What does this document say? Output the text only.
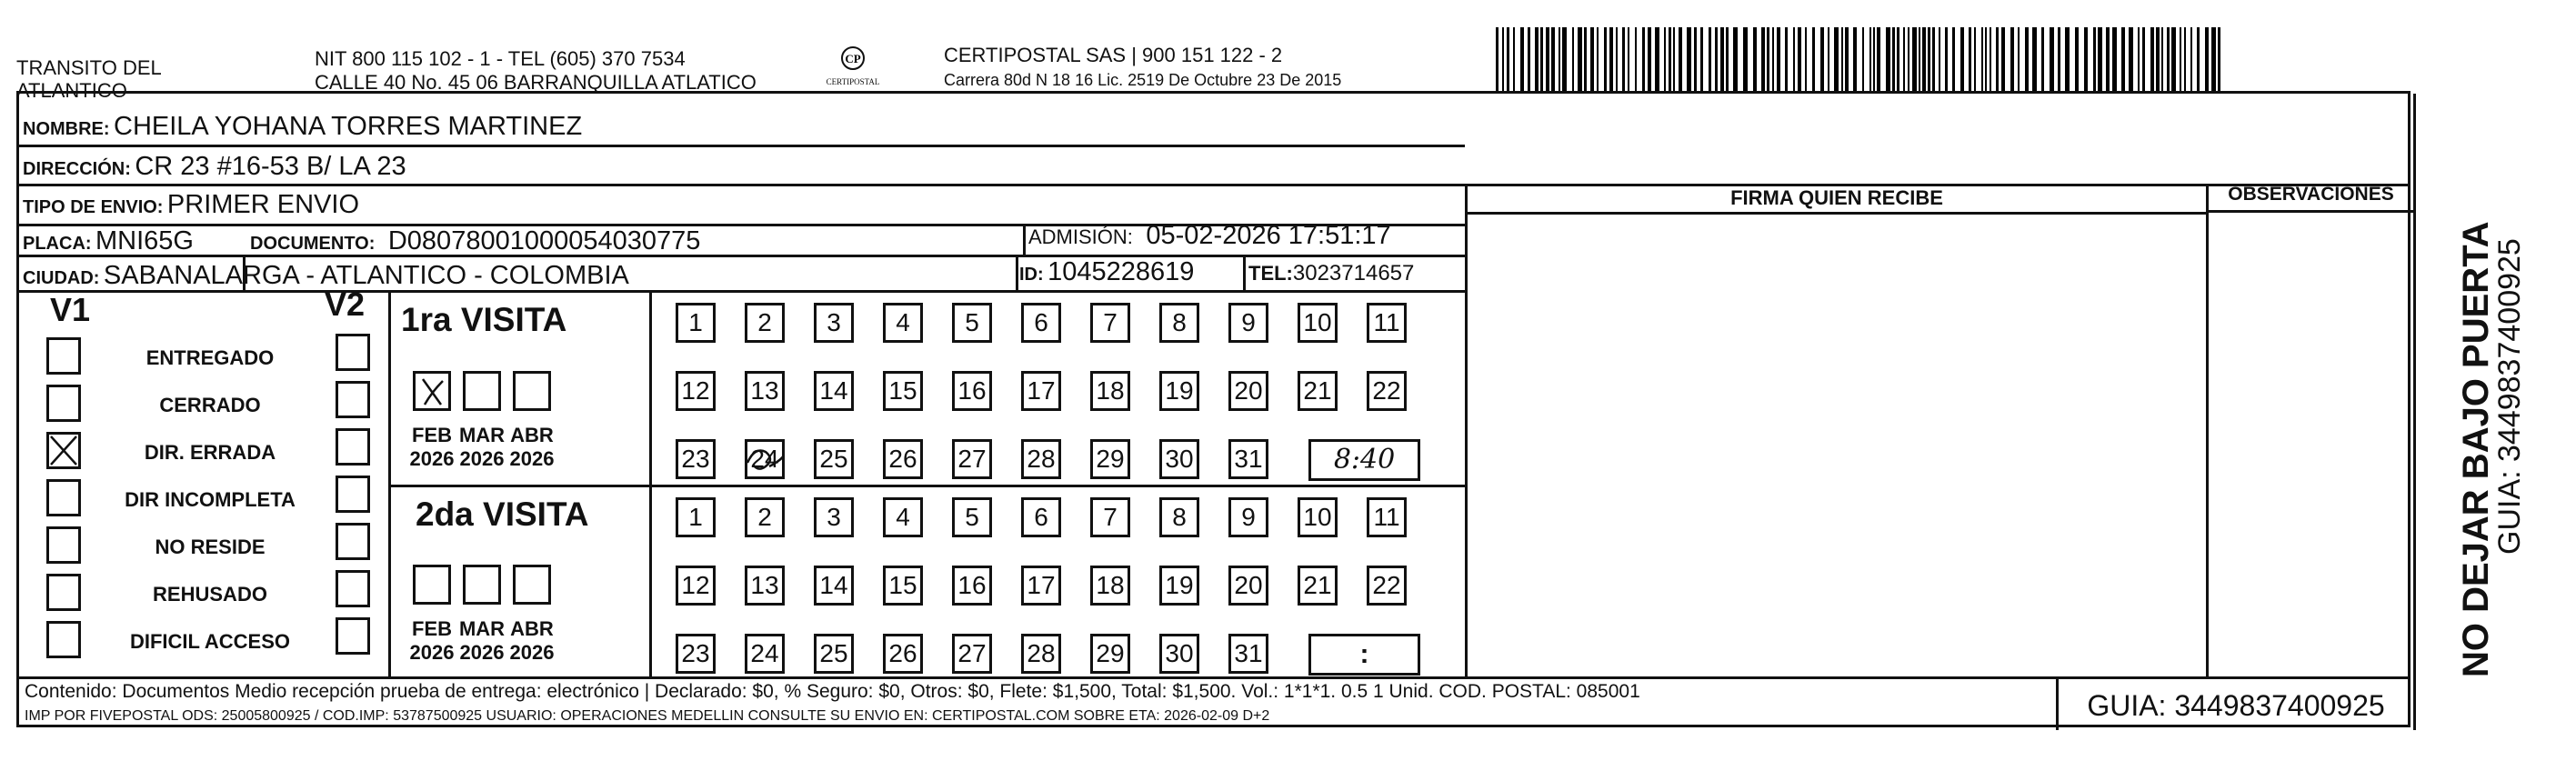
TRANSITO DEL ATLANTICO
NIT 800 115 102 - 1 - TEL (605) 370 7534
CALLE 40 No. 45 06 BARRANQUILLA ATLATICO
CP
CERTIPOSTAL
CERTIPOSTAL SAS | 900 151 122 - 2
Carrera 80d N 18 16 Lic. 2519 De Octubre 23 De 2015
NOMBRE: CHEILA YOHANA TORRES MARTINEZ
DIRECCIÓN: CR 23 #16-53 B/ LA 23
TIPO DE ENVIO: PRIMER ENVIO
PLACA: MNI65G	DOCUMENTO: D08078001000054030775	ADMISIÓN: 05-02-2026 17:51:17
CIUDAD: SABANALARGA - ATLANTICO - COLOMBIA	ID: 1045228619	TEL:3023714657
FIRMA QUIEN RECIBE	OBSERVACIONES
V1	V2 1ra VISITA
2da VISITA
Contenido: Documentos Medio recepción prueba de entrega: electrónico | Declarado: $0, % Seguro: $0, Otros: $0, Flete: $1,500, Total: $1,500. Vol.: 1*1*1. 0.5 1 Unid. COD. POSTAL: 085001
IMP POR FIVEPOSTAL ODS: 25005800925 / COD.IMP: 53787500925 USUARIO: OPERACIONES MEDELLIN CONSULTE SU ENVIO EN: CERTIPOSTAL.COM SOBRE ETA: 2026-02-09 D+2	GUIA: 3449837400925
ENTREGADO
CERRADO
DIR. ERRADA
DIR INCOMPLETA
NO RESIDE
REHUSADO
DIFICIL ACCESO
FEB
2026
MAR
2026
ABR
2026
FEB
2026
MAR
2026
ABR
2026
1	2	3	4	5	6	7	8	9	10 11
12 13 14 15 16 17 18 19 20 21 22
23 24 25 26 27 28 29 30 31	8:40
1	2	3	4	5	6	7	8	9	10 11
12 13 14 15 16 17 18 19 20 21 22
23 24 25 26 27 28 29 30 31	:	NO DEJAR BAJO PUERTA
GUIA: 3449837400925
